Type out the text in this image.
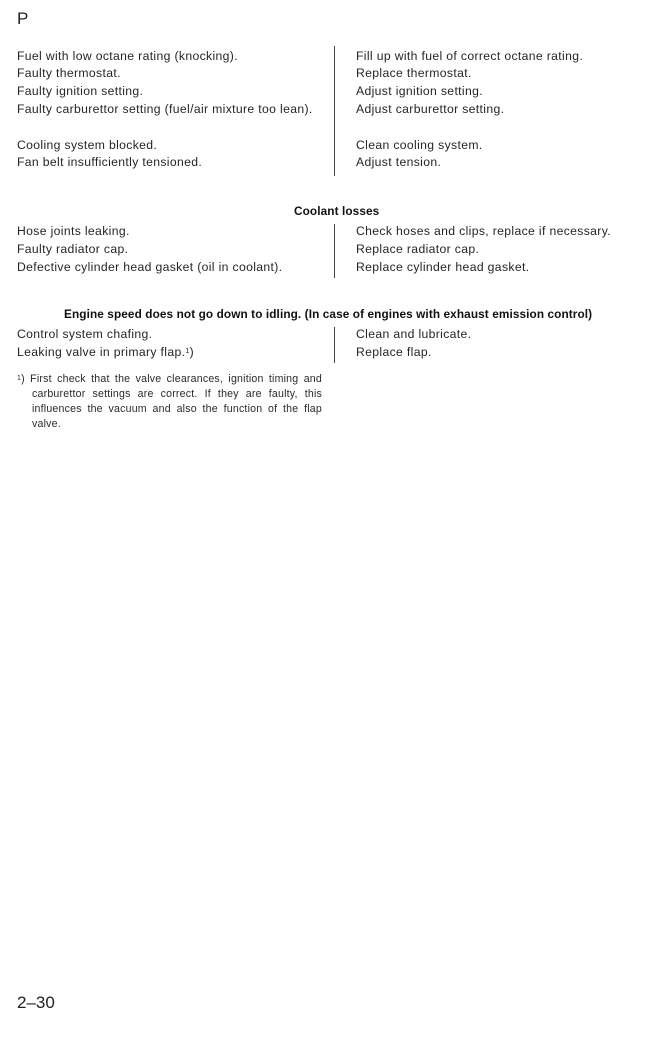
P
Fuel with low octane rating (knocking).
Faulty thermostat.
Faulty ignition setting.
Faulty carburettor setting (fuel/air mixture too lean).
Cooling system blocked.
Fan belt insufficiently tensioned.
Fill up with fuel of correct octane rating.
Replace thermostat.
Adjust ignition setting.
Adjust carburettor setting.
Clean cooling system.
Adjust tension.
Coolant losses
Hose joints leaking.
Faulty radiator cap.
Defective cylinder head gasket (oil in coolant).
Check hoses and clips, replace if necessary.
Replace radiator cap.
Replace cylinder head gasket.
Engine speed does not go down to idling. (In case of engines with exhaust emission control)
Control system chafing.
Leaking valve in primary flap.$^1$)
Clean and lubricate.
Replace flap.
$^1$) First check that the valve clearances, ignition timing and carburettor settings are correct. If they are faulty, this influences the vacuum and also the function of the flap valve.
2–30
